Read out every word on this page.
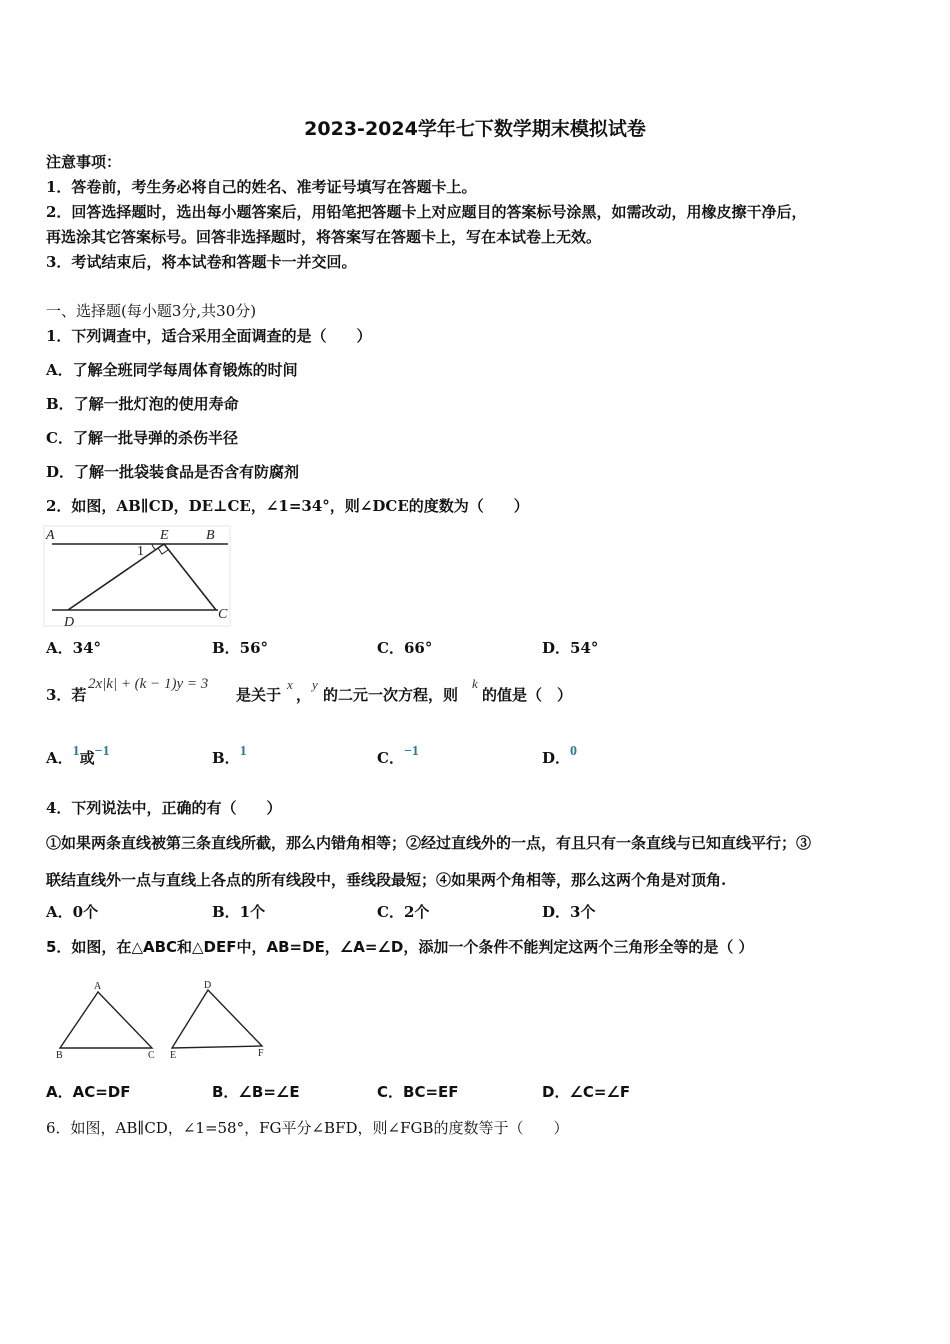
2023-2024学年七下数学期末模拟试卷
注意事项：
1．答卷前，考生务必将自己的姓名、准考证号填写在答题卡上。
2．回答选择题时，选出每小题答案后，用铅笔把答题卡上对应题目的答案标号涂黑，如需改动，用橡皮擦干净后，
再选涂其它答案标号。回答非选择题时，将答案写在答题卡上，写在本试卷上无效。
3．考试结束后，将本试卷和答题卡一并交回。
一、选择题(每小题3分,共30分)
1．下列调查中，适合采用全面调查的是（　　）
A．了解全班同学每周体育锻炼的时间
B．了解一批灯泡的使用寿命
C．了解一批导弹的杀伤半径
D．了解一批袋装食品是否含有防腐剂
2．如图，AB∥CD，DE⊥CE，∠1=34°，则∠DCE的度数为（　　）
A	E	B
1
D
C
A．34°	B．56°	C．66°	D．54°
3．若
2x|k| + (k − 1)y = 3
是关于
x
，
y
的二元一次方程，则
k
的值是（　）
A．1或−1	B．1	C．−1	D．0
4．下列说法中，正确的有（　　）
①如果两条直线被第三条直线所截，那么内错角相等；②经过直线外的一点，有且只有一条直线与已知直线平行；③
联结直线外一点与直线上各点的所有线段中，垂线段最短；④如果两个角相等，那么这两个角是对顶角.
A．0个	B．1个	C．2个	D．3个
5．如图，在△ABC和△DEF中，AB=DE，∠A=∠D，添加一个条件不能判定这两个三角形全等的是（ ）
A
B	C
D
E	F
A．AC=DF	B．∠B=∠E	C．BC=EF	D．∠C=∠F
6．如图，AB∥CD，∠1=58°，FG平分∠BFD，则∠FGB的度数等于（　　）
